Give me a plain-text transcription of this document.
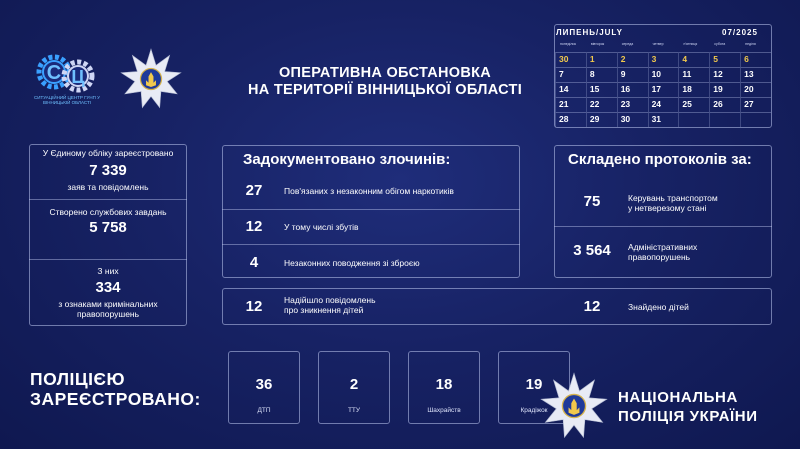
С Ц
СИТУАЦІЙНИЙ ЦЕНТР ГУНП У ВІННИЦЬКІЙ ОБЛАСТІ
ОПЕРАТИВНА ОБСТАНОВКА
НА ТЕРИТОРІЇ ВІННИЦЬКОЇ ОБЛАСТІ
ЛИПЕНЬ/JULY	07/2025
понеділок	вівторок	середа	четвер	п'ятниця	субота	неділя
30	1	2	3	4	5	6
7	8	9	10	11	12	13
14	15	16	17	18	19	20
21	22	23	24	25	26	27
28	29	30	31
У Єдиному обліку зареєстровано
7 339
заяв та повідомлень
Створено службових завдань
5 758
З них
334
з ознаками кримінальних
правопорушень
Задокументовано злочинів:
27	Пов'язаних з незаконним обігом наркотиків
12	У тому числі збутів
4	Незаконних поводження зі зброєю
Складено протоколів за:
75	Керувань транспортом
у нетверезому стані
3 564	Адміністративних
правопорушень
12	Надійшло повідомлень
про зникнення дітей	12	Знайдено дітей
ПОЛІЦІЄЮ
ЗАРЕЄСТРОВАНО:
36
ДТП
2
ТТУ
18
Шахрайств
19
Крадіжок
НАЦІОНАЛЬНА
ПОЛІЦІЯ УКРАЇНИ
